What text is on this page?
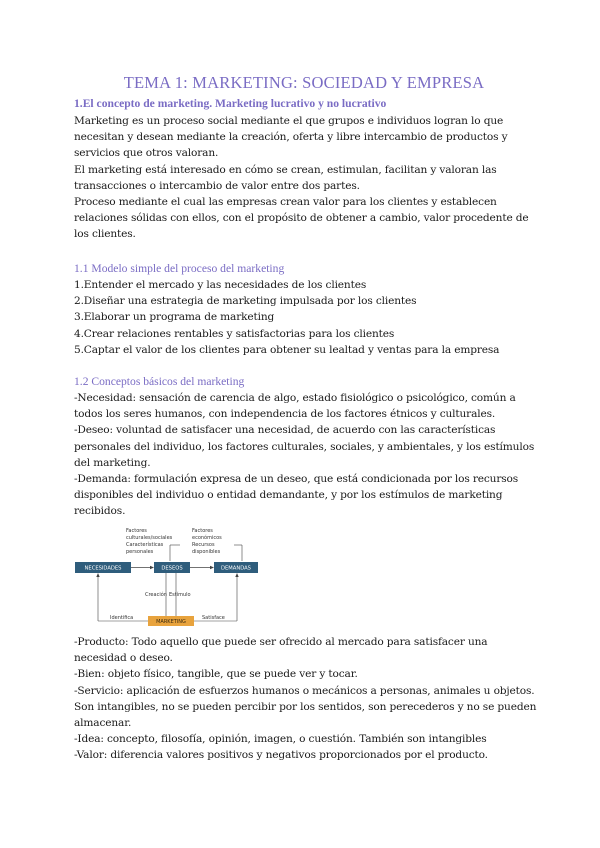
TEMA 1: MARKETING: SOCIEDAD Y EMPRESA
1.El concepto de marketing. Marketing lucrativo y no lucrativo
Marketing es un proceso social mediante el que grupos e individuos logran lo que
necesitan y desean mediante la creación, oferta y libre intercambio de productos y
servicios que otros valoran.
El marketing está interesado en cómo se crean, estimulan, facilitan y valoran las
transacciones o intercambio de valor entre dos partes.
Proceso mediante el cual las empresas crean valor para los clientes y establecen
relaciones sólidas con ellos, con el propósito de obtener a cambio, valor procedente de
los clientes.
1.1 Modelo simple del proceso del marketing
1.Entender el mercado y las necesidades de los clientes
2.Diseñar una estrategia de marketing impulsada por los clientes
3.Elaborar un programa de marketing
4.Crear relaciones rentables y satisfactorias para los clientes
5.Captar el valor de los clientes para obtener su lealtad y ventas para la empresa
1.2 Conceptos básicos del marketing
-Necesidad: sensación de carencia de algo, estado fisiológico o psicológico, común a
todos los seres humanos, con independencia de los factores étnicos y culturales.
-Deseo: voluntad de satisfacer una necesidad, de acuerdo con las características
personales del individuo, los factores culturales, sociales, y ambientales, y los estímulos
del marketing.
-Demanda: formulación expresa de un deseo, que está condicionada por los recursos
disponibles del individuo o entidad demandante, y por los estímulos de marketing
recibidos.
Factores
culturales/sociales
Características
personales
Factores
económicos
Recursos
disponibles
NECESIDADES	DESEOS	DEMANDAS
Creación Estímulo
MARKETING
Identifica	Satisface
-Producto: Todo aquello que puede ser ofrecido al mercado para satisfacer una
necesidad o deseo.
-Bien: objeto físico, tangible, que se puede ver y tocar.
-Servicio: aplicación de esfuerzos humanos o mecánicos a personas, animales u objetos.
Son intangibles, no se pueden percibir por los sentidos, son perecederos y no se pueden
almacenar.
-Idea: concepto, filosofía, opinión, imagen, o cuestión. También son intangibles
-Valor: diferencia valores positivos y negativos proporcionados por el producto.
